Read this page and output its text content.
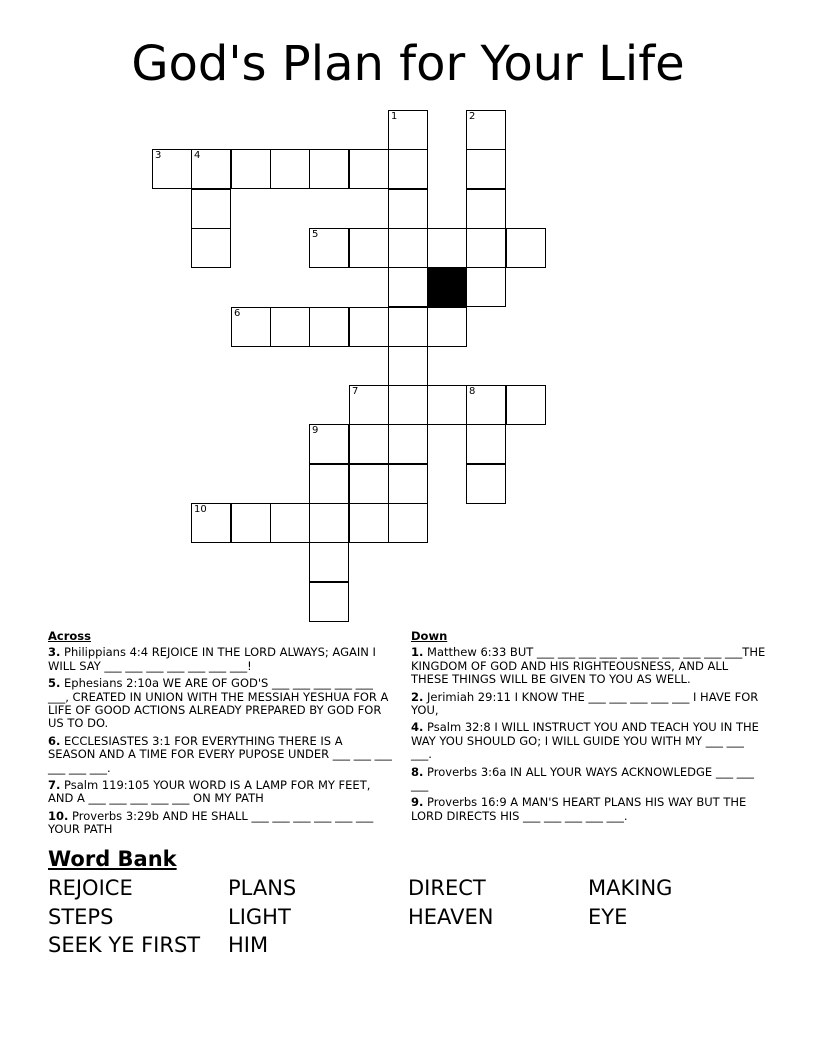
God's Plan for Your Life
1	2
3	4
5
6
7	8
9
10
Across
3. Philippians 4:4 REJOICE IN THE LORD ALWAYS; AGAIN I WILL SAY ___ ___ ___ ___ ___ ___ ___!
5. Ephesians 2:10a WE ARE OF GOD'S ___ ___ ___ ___ ___ ___, CREATED IN UNION WITH THE MESSIAH YESHUA FOR A LIFE OF GOOD ACTIONS ALREADY PREPARED BY GOD FOR US TO DO.
6. ECCLESIASTES 3:1 FOR EVERYTHING THERE IS A SEASON AND A TIME FOR EVERY PUPOSE UNDER ___ ___ ___ ___ ___ ___.
7. Psalm 119:105 YOUR WORD IS A LAMP FOR MY FEET, AND A ___ ___ ___ ___ ___ ON MY PATH
10. Proverbs 3:29b AND HE SHALL ___ ___ ___ ___ ___ ___ YOUR PATH
Down
1. Matthew 6:33 BUT ___ ___ ___ ___ ___ ___ ___ ___ ___ ___THE KINGDOM OF GOD AND HIS RIGHTEOUSNESS, AND ALL THESE THINGS WILL BE GIVEN TO YOU AS WELL.
2. Jerimiah 29:11 I KNOW THE ___ ___ ___ ___ ___ I HAVE FOR YOU,
4. Psalm 32:8 I WILL INSTRUCT YOU AND TEACH YOU IN THE WAY YOU SHOULD GO; I WILL GUIDE YOU WITH MY ___ ___ ___.
8. Proverbs 3:6a IN ALL YOUR WAYS ACKNOWLEDGE ___ ___ ___
9. Proverbs 16:9 A MAN'S HEART PLANS HIS WAY BUT THE LORD DIRECTS HIS ___ ___ ___ ___ ___.
Word Bank
REJOICE	PLANS	DIRECT	MAKING
STEPS	LIGHT	HEAVEN	EYE
SEEK YE FIRST	HIM
